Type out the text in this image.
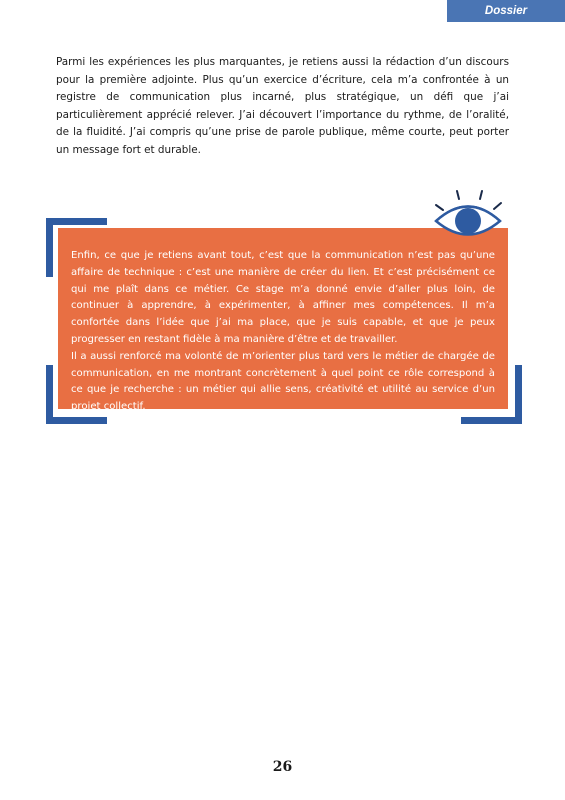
Dossier

Parmi les expériences les plus marquantes, je retiens aussi la rédaction d’un discours pour la première adjointe. Plus qu’un exercice d’écriture, cela m’a confrontée à un registre de communication plus incarné, plus stratégique, un défi que j’ai particulièrement apprécié relever. J’ai découvert l’importance du rythme, de l’oralité, de la fluidité. J’ai compris qu’une prise de parole publique, même courte, peut porter un message fort et durable.

Enfin, ce que je retiens avant tout, c’est que la communication n’est pas qu’une affaire de technique : c’est une manière de créer du lien. Et c’est précisément ce qui me plaît dans ce métier. Ce stage m’a donné envie d’aller plus loin, de continuer à apprendre, à expérimenter, à affiner mes compétences. Il m’a confortée dans l’idée que j’ai ma place, que je suis capable, et que je peux progresser en restant fidèle à ma manière d’être et de travailler.

Il a aussi renforcé ma volonté de m’orienter plus tard vers le métier de chargée de communication, en me montrant concrètement à quel point ce rôle correspond à ce que je recherche : un métier qui allie sens, créativité et utilité au service d’un projet collectif.

26
